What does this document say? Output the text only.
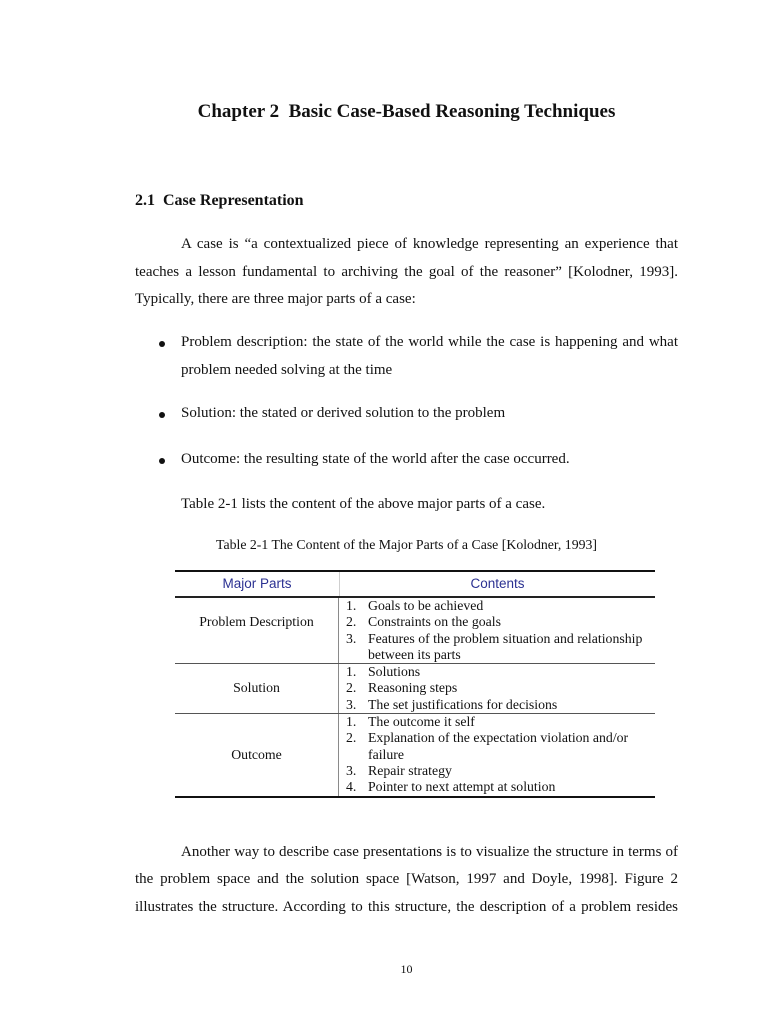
Chapter 2  Basic Case-Based Reasoning Techniques
2.1  Case Representation
A case is “a contextualized piece of knowledge representing an experience that
teaches a lesson fundamental to archiving the goal of the reasoner” [Kolodner, 1993].
Typically, there are three major parts of a case:
Problem description: the state of the world while the case is happening and what
problem needed solving at the time
Solution: the stated or derived solution to the problem
Outcome: the resulting state of the world after the case occurred.
Table 2-1 lists the content of the above major parts of a case.
Table 2-1 The Content of the Major Parts of a Case [Kolodner, 1993]
Major Parts	Contents
Problem Description
1. Goals to be achieved
2. Constraints on the goals
3. Features of the problem situation and relationship between its parts
Solution
1. Solutions
2. Reasoning steps
3. The set justifications for decisions
Outcome
1. The outcome it self
2. Explanation of the expectation violation and/or failure
3. Repair strategy
4. Pointer to next attempt at solution
Another way to describe case presentations is to visualize the structure in terms of
the problem space and the solution space [Watson, 1997 and Doyle, 1998]. Figure 2
illustrates the structure. According to this structure, the description of a problem resides
10
